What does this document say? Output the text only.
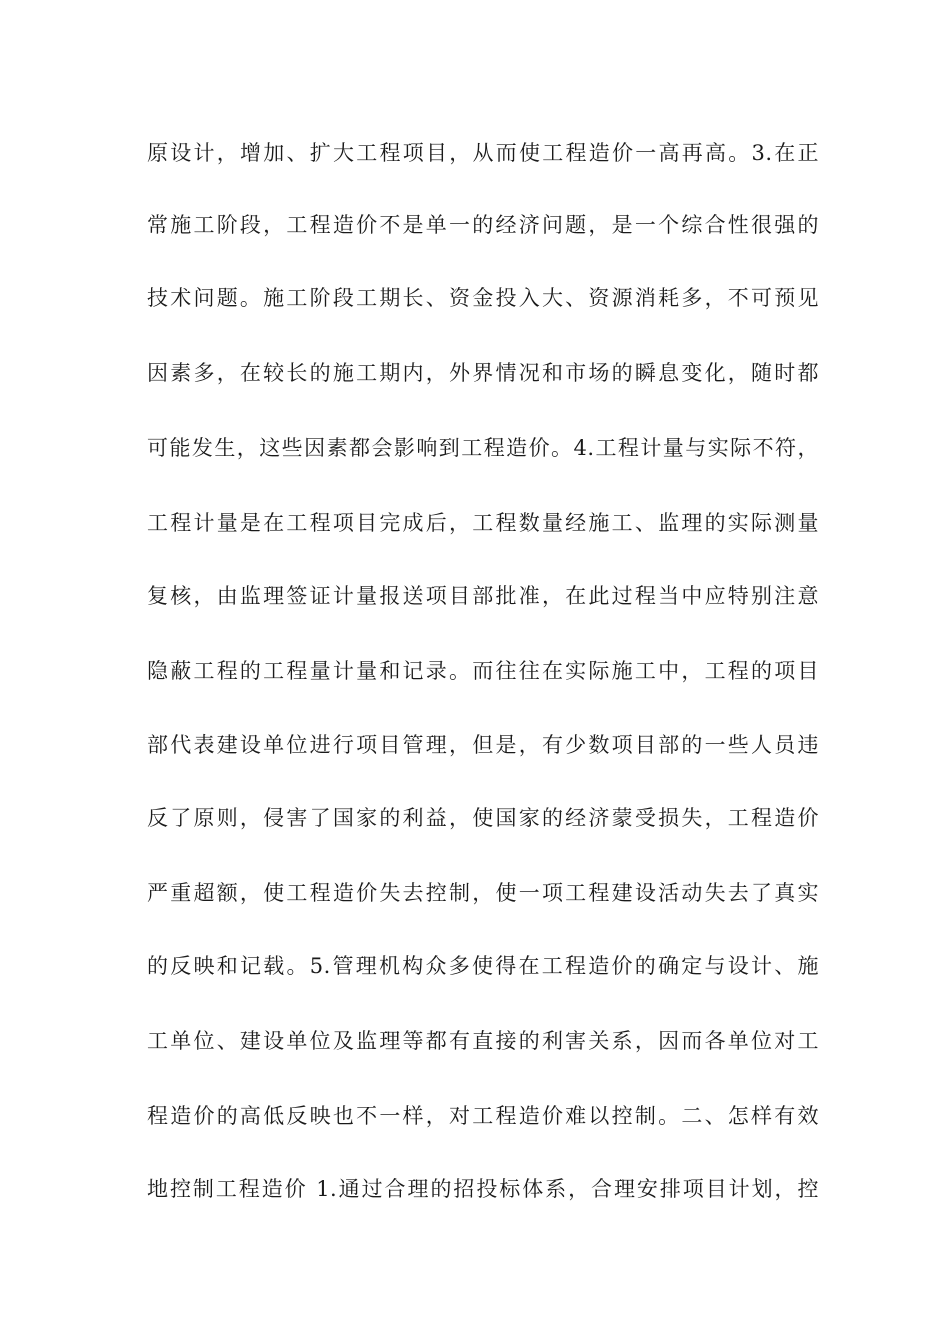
原设计，增加、扩大工程项目，从而使工程造价一高再高。3.在正
常施工阶段，工程造价不是单一的经济问题，是一个综合性很强的
技术问题。施工阶段工期长、资金投入大、资源消耗多，不可预见
因素多，在较长的施工期内，外界情况和市场的瞬息变化，随时都
可能发生，这些因素都会影响到工程造价。4.工程计量与实际不符，
工程计量是在工程项目完成后，工程数量经施工、监理的实际测量
复核，由监理签证计量报送项目部批准，在此过程当中应特别注意
隐蔽工程的工程量计量和记录。而往往在实际施工中，工程的项目
部代表建设单位进行项目管理，但是，有少数项目部的一些人员违
反了原则，侵害了国家的利益，使国家的经济蒙受损失，工程造价
严重超额，使工程造价失去控制，使一项工程建设活动失去了真实
的反映和记载。5.管理机构众多使得在工程造价的确定与设计、施
工单位、建设单位及监理等都有直接的利害关系，因而各单位对工
程造价的高低反映也不一样，对工程造价难以控制。二、怎样有效
地控制工程造价 1.通过合理的招投标体系，合理安排项目计划，控
